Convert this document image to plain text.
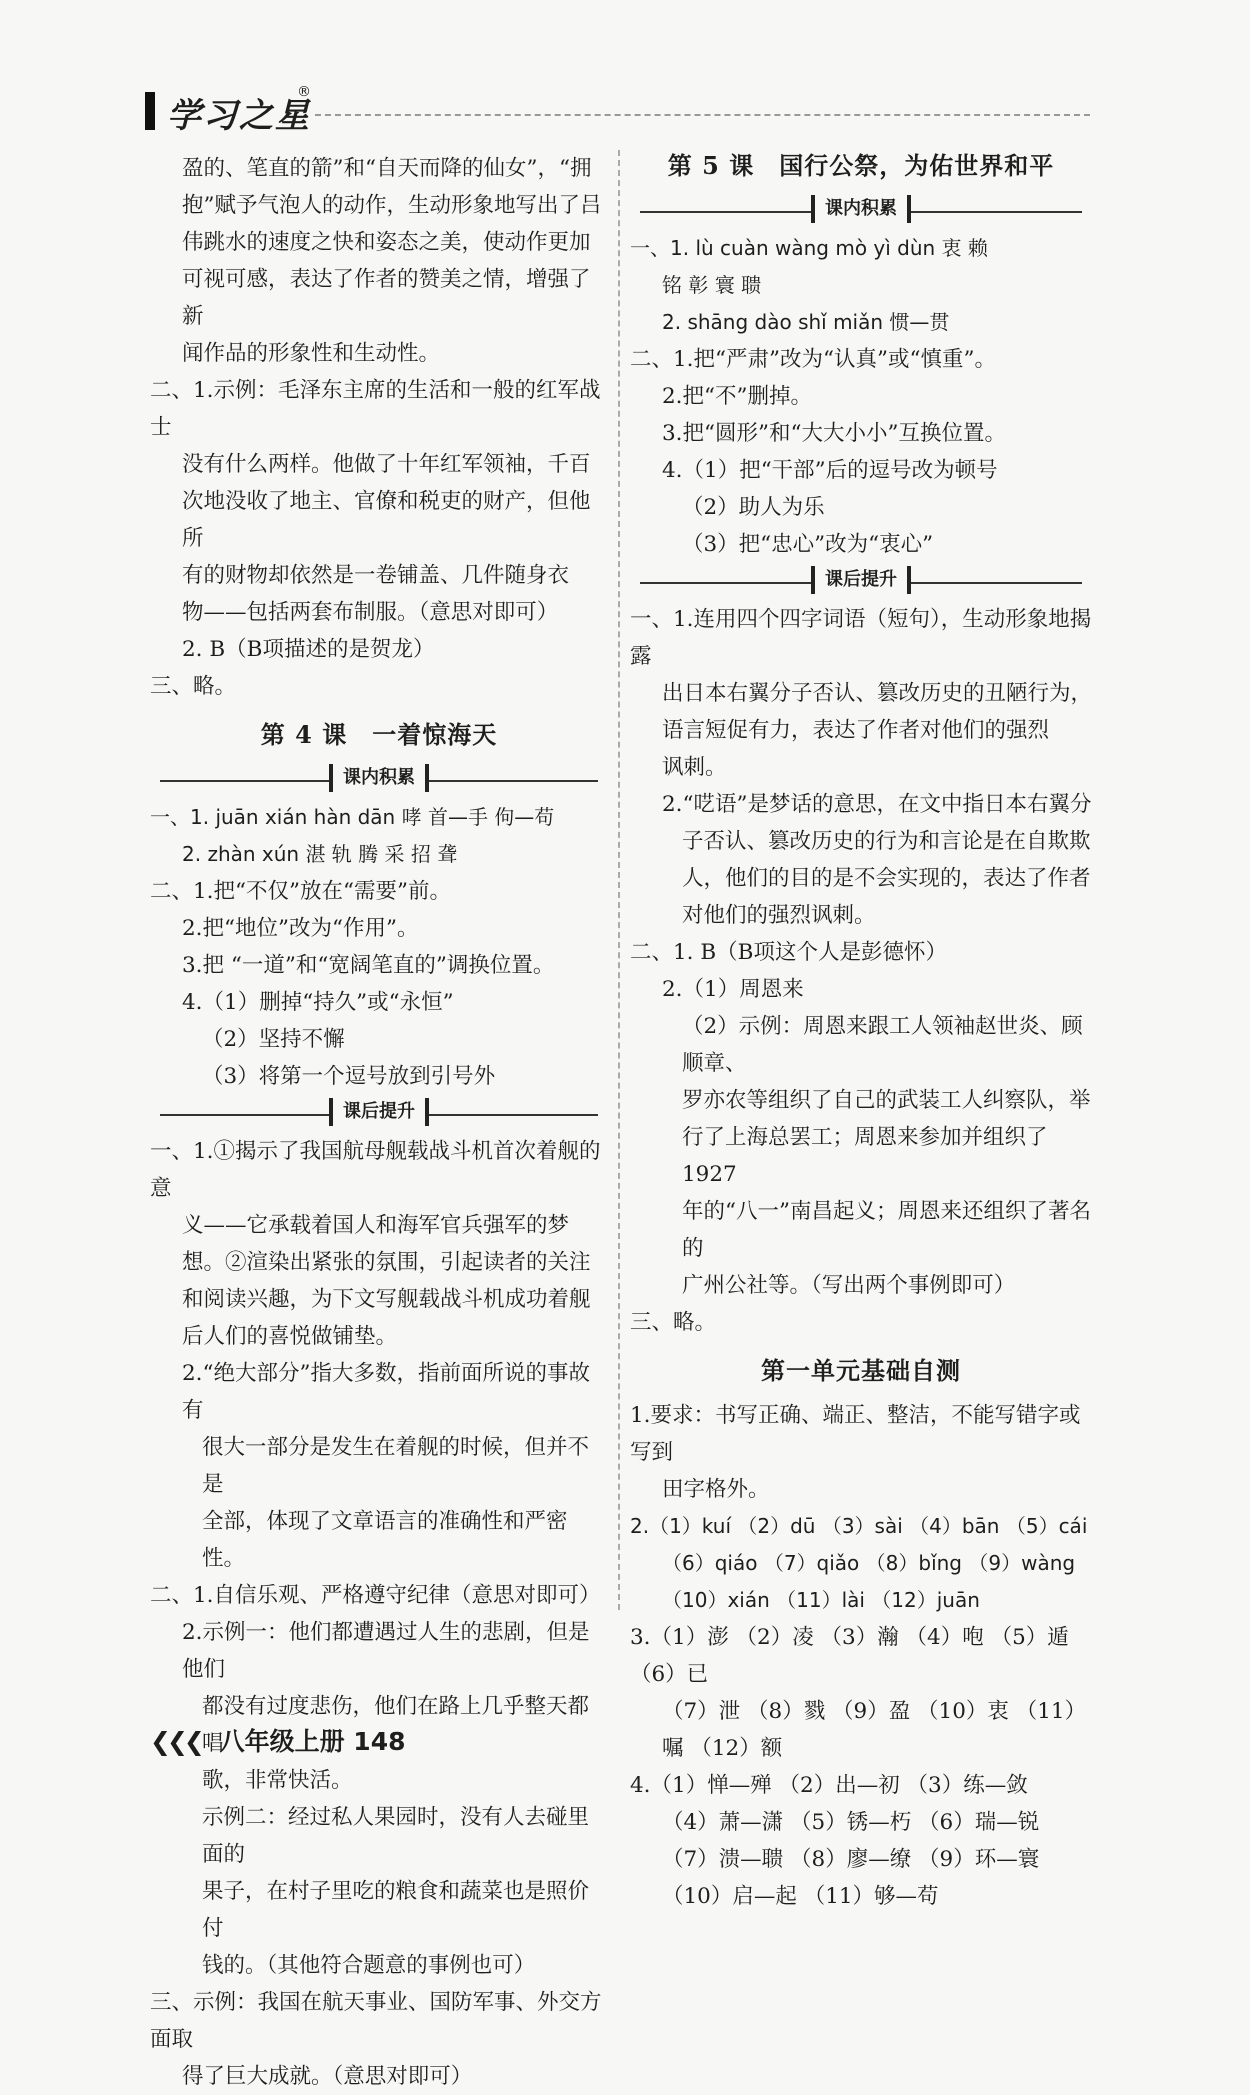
学习之星
®

盈的、笔直的箭”和“自天而降的仙女”，“拥

抱”赋予气泡人的动作，生动形象地写出了吕

伟跳水的速度之快和姿态之美，使动作更加

可视可感，表达了作者的赞美之情，增强了新

闻作品的形象性和生动性。

二、1.示例：毛泽东主席的生活和一般的红军战士

没有什么两样。他做了十年红军领袖，千百

次地没收了地主、官僚和税吏的财产，但他所

有的财物却依然是一卷铺盖、几件随身衣

物——包括两套布制服。（意思对即可）

2. B（B项描述的是贺龙）

三、略。

第 4 课　一着惊海天
课内积累

一、1. juān xián hàn dān 哮 首—手 佝—苟

2. zhàn xún 湛 轨 腾 采 招 聋

二、1.把“不仅”放在“需要”前。

2.把“地位”改为“作用”。

3.把 “一道”和“宽阔笔直的”调换位置。

4.（1）删掉“持久”或“永恒”

（2）坚持不懈

（3）将第一个逗号放到引号外

课后提升

一、1.①揭示了我国航母舰载战斗机首次着舰的意

义——它承载着国人和海军官兵强军的梦

想。②渲染出紧张的氛围，引起读者的关注

和阅读兴趣，为下文写舰载战斗机成功着舰

后人们的喜悦做铺垫。

2.“绝大部分”指大多数，指前面所说的事故有

很大一部分是发生在着舰的时候，但并不是

全部，体现了文章语言的准确性和严密性。

二、1.自信乐观、严格遵守纪律（意思对即可）

2.示例一：他们都遭遇过人生的悲剧，但是他们

都没有过度悲伤，他们在路上几乎整天都唱

歌，非常快活。

示例二：经过私人果园时，没有人去碰里面的

果子，在村子里吃的粮食和蔬菜也是照价付

钱的。（其他符合题意的事例也可）

三、示例：我国在航天事业、国防军事、外交方面取

得了巨大成就。（意思对即可）

第 5 课　国行公祭，为佑世界和平
课内积累

一、1. lù cuàn wàng mò yì dùn 衷 赖

铭 彰 寰 聩

2. shāng dào shǐ miǎn 惯—贯

二、1.把“严肃”改为“认真”或“慎重”。

2.把“不”删掉。

3.把“圆形”和“大大小小”互换位置。

4.（1）把“干部”后的逗号改为顿号

（2）助人为乐

（3）把“忠心”改为“衷心”

课后提升

一、1.连用四个四字词语（短句），生动形象地揭露

出日本右翼分子否认、篡改历史的丑陋行为，

语言短促有力，表达了作者对他们的强烈

讽刺。

2.“呓语”是梦话的意思，在文中指日本右翼分

子否认、篡改历史的行为和言论是在自欺欺

人，他们的目的是不会实现的，表达了作者

对他们的强烈讽刺。

二、1. B（B项这个人是彭德怀）

2.（1）周恩来

（2）示例：周恩来跟工人领袖赵世炎、顾顺章、

罗亦农等组织了自己的武装工人纠察队，举

行了上海总罢工；周恩来参加并组织了 1927

年的“八一”南昌起义；周恩来还组织了著名的

广州公社等。（写出两个事例即可）

三、略。

第一单元基础自测

1.要求：书写正确、端正、整洁，不能写错字或写到

田字格外。

2.（1）kuí （2）dū （3）sài （4）bān （5）cái

（6）qiáo （7）qiǎo （8）bǐng （9）wàng

（10）xián （11）lài （12）juān

3.（1）澎 （2）凌 （3）瀚 （4）咆 （5）遁 （6）已

（7）泄 （8）戮 （9）盈 （10）衷 （11）嘱 （12）额

4.（1）惮—殚 （2）出—初 （3）练—敛

（4）萧—潇 （5）锈—朽 （6）瑞—锐

（7）溃—聩 （8）廖—缭 （9）环—寰

（10）启—起 （11）够—苟

❮❮❮ 八年级上册 148
